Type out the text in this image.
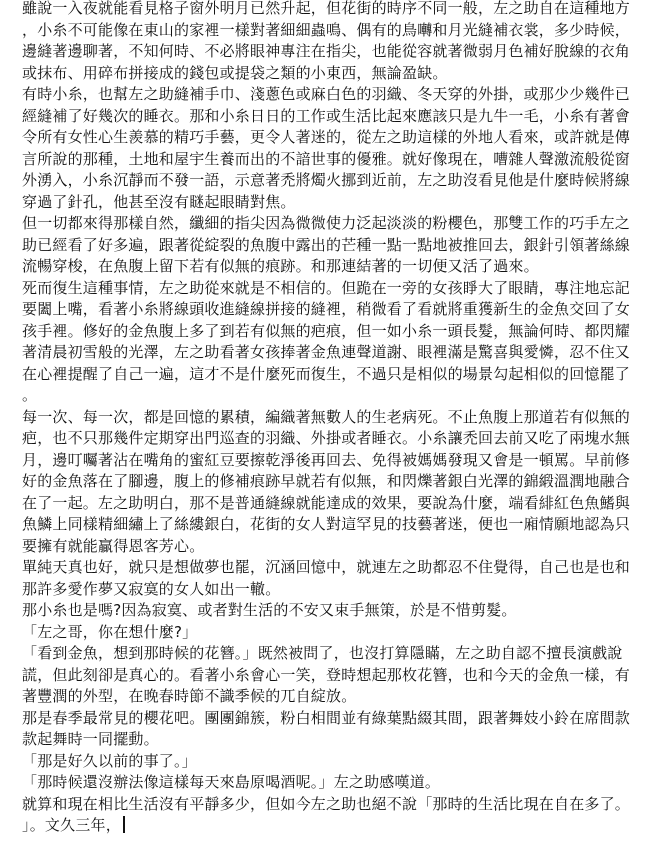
雖說一入夜就能看見格子窗外明月已然升起，但花街的時序不同一般，左之助自在這種地方，小糸不可能像在東山的家裡一樣對著細細蟲鳴、偶有的鳥囀和月光縫補衣裳，多少時候，邊縫著邊聊著，不知何時、不必將眼神專注在指尖，也能從容就著微弱月色補好脫線的衣角或抹布、用碎布拼接成的錢包或提袋之類的小東西，無論盈缺。

有時小糸，也幫左之助縫補手巾、淺蔥色或麻白色的羽織、冬天穿的外掛，或那少少幾件已經縫補了好幾次的睡衣。那和小糸日日的工作或生活比起來應該只是九牛一毛，小糸有著會令所有女性心生羨慕的精巧手藝，更令人著迷的，從左之助這樣的外地人看來，或許就是傳言所說的那種，土地和屋宇生養而出的不諳世事的優雅。就好像現在，嘈雜人聲激流般從窗外湧入，小糸沉靜而不發一語，示意著禿將燭火挪到近前，左之助沒看見他是什麼時候將線穿過了針孔，他甚至沒有瞇起眼睛對焦。

但一切都來得那樣自然，纖細的指尖因為微微使力泛起淡淡的粉櫻色，那雙工作的巧手左之助已經看了好多遍，跟著從綻裂的魚腹中露出的芒種一點一點地被推回去，銀針引領著絲線流暢穿梭，在魚腹上留下若有似無的痕跡。和那連結著的一切便又活了過來。

死而復生這種事情，左之助從來就是不相信的。但跪在一旁的女孩睜大了眼睛，專注地忘記要闔上嘴，看著小糸將線頭收進縫線拼接的縫裡，稍微看了看就將重獲新生的金魚交回了女孩手裡。修好的金魚腹上多了到若有似無的疤痕，但一如小糸一頭長髮，無論何時、都閃耀著清晨初雪般的光澤，左之助看著女孩捧著金魚連聲道謝、眼裡滿是驚喜與愛憐，忍不住又在心裡提醒了自己一遍，這才不是什麼死而復生，不過只是相似的場景勾起相似的回憶罷了。

每一次、每一次，都是回憶的累積，編織著無數人的生老病死。不止魚腹上那道若有似無的疤，也不只那幾件定期穿出門巡查的羽織、外掛或者睡衣。小糸讓禿回去前又吃了兩塊水無月，邊叮囑著沾在嘴角的蜜紅豆要擦乾淨後再回去、免得被媽媽發現又會是一頓罵。早前修好的金魚落在了腳邊，腹上的修補痕跡早就若有似無，和閃爍著銀白光澤的錦緞溫潤地融合在了一起。左之助明白，那不是普通縫線就能達成的效果，要說為什麼，端看緋紅色魚鰭與魚鱗上同樣精細繡上了絲縷銀白，花街的女人對這罕見的技藝著迷，便也一廂情願地認為只要擁有就能贏得恩客芳心。

單純天真也好，就只是想做夢也罷，沉涵回憶中，就連左之助都忍不住覺得，自己也是也和那許多愛作夢又寂寞的女人如出一轍。

那小糸也是嗎?因為寂寞、或者對生活的不安又束手無策，於是不惜剪髮。

「左之哥，你在想什麼?」

「看到金魚，想到那時候的花簪。」既然被問了，也沒打算隱瞞，左之助自認不擅長演戲說謊，但此刻卻是真心的。看著小糸會心一笑，登時想起那枚花簪，也和今天的金魚一樣，有著豐潤的外型，在晚春時節不識季候的兀自綻放。

那是春季最常見的櫻花吧。團團錦簇，粉白相間並有綠葉點綴其間，跟著舞妓小鈴在席間款款起舞時一同擺動。

「那是好久以前的事了。」

「那時候還沒辦法像這樣每天來島原喝酒呢。」左之助感嘆道。

就算和現在相比生活沒有平靜多少，但如今左之助也絕不說「那時的生活比現在自在多了。」。文久三年，
